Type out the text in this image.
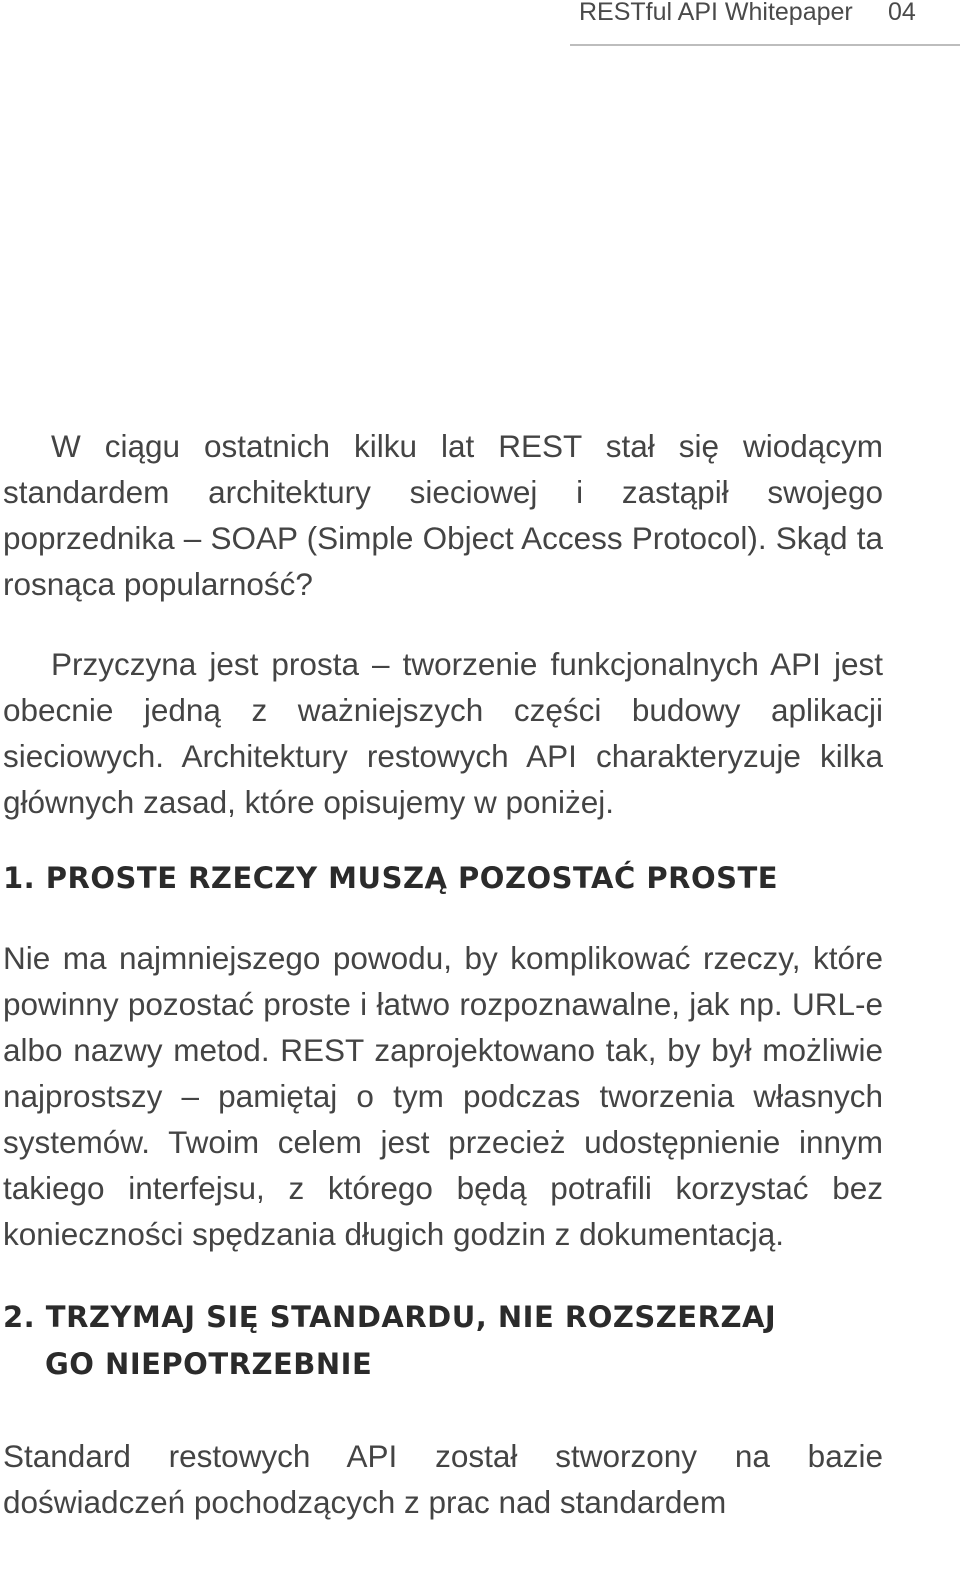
RESTful API Whitepaper 04

W ciągu ostatnich kilku lat REST stał się wiodącym standardem architektury sieciowej i zastąpił swojego poprzednika – SOAP (Simple Object Access Protocol). Skąd ta rosnąca popularność?

Przyczyna jest prosta – tworzenie funkcjonalnych API jest obecnie jedną z ważniejszych części budowy aplikacji sieciowych. Architektury restowych API charakteryzuje kilka głównych zasad, które opisujemy w poniżej.

1. PROSTE RZECZY MUSZĄ POZOSTAĆ PROSTE

Nie ma najmniejszego powodu, by komplikować rzeczy, które powinny pozostać proste i łatwo rozpoznawalne, jak np. URL-e albo nazwy metod. REST zaprojektowano tak, by był możliwie najprostszy – pamiętaj o tym podczas tworzenia własnych systemów. Twoim celem jest przecież udostępnienie innym takiego interfejsu, z którego będą potrafili korzystać bez konieczności spędzania długich godzin z dokumentacją.

2. TRZYMAJ SIĘ STANDARDU, NIE ROZSZERZAJ
GO NIEPOTRZEBNIE

Standard restowych API został stworzony na bazie doświadczeń pochodzących z prac nad standardem
